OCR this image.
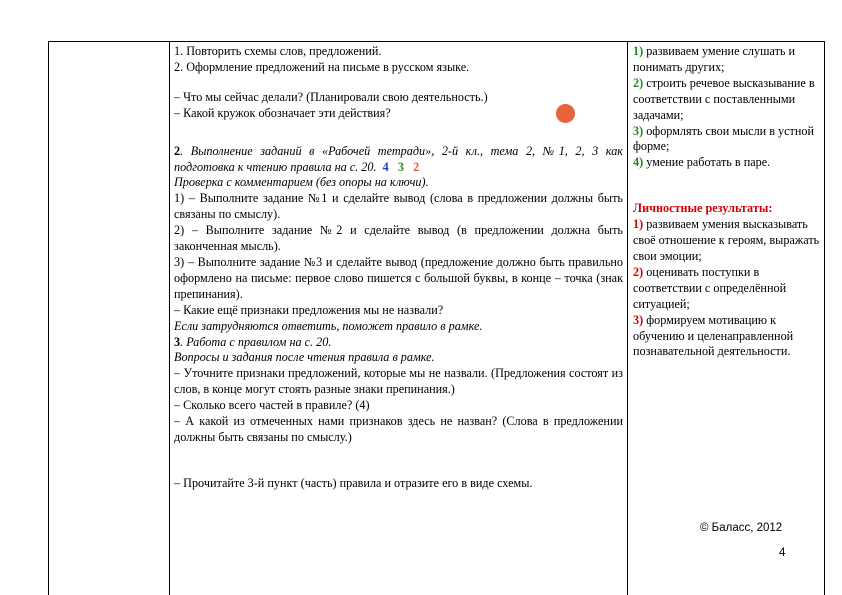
1. Повторить схемы слов, предложений.

2. Оформление предложений на письме в русском языке.

– Что мы сейчас делали? (Планировали свою деятельность.)

– Какой кружок обозначает эти действия?

2. Выполнение заданий в «Рабочей тетради», 2-й кл., тема 2, №1, 2, 3 как подготовка к чтению правила на с. 20. 4 3 2

Проверка с комментарием (без опоры на ключи).

1) – Выполните задание №1 и сделайте вывод (слова в предложении должны быть связаны по смыслу).

2) – Выполните задание №2 и сделайте вывод (в предложении должна быть законченная мысль).

3) – Выполните задание №3 и сделайте вывод (предложение должно быть правильно оформлено на письме: первое слово пишется с большой буквы, в конце – точка (знак препинания).

– Какие ещё признаки предложения мы не назвали?

Если затрудняются ответить, поможет правило в рамке.

3. Работа с правилом на с. 20.

Вопросы и задания после чтения правила в рамке.

– Уточните признаки предложений, которые мы не назвали. (Предложения состоят из слов, в конце могут стоять разные знаки препинания.)

– Сколько всего частей в правиле? (4)

– А какой из отмеченных нами признаков здесь не назван? (Слова в предложении должны быть связаны по смыслу.)

– Прочитайте 3-й пункт (часть) правила и отразите его в виде схемы.

1) развиваем умение слушать и понимать других;

2) строить речевое высказывание в соответствии с поставленными задачами;

3) оформлять свои мысли в устной форме;

4) умение работать в паре.

Личностные результаты:

1) развиваем умения высказывать своё отношение к героям, выражать свои эмоции;

2) оценивать поступки в соответствии с определённой ситуацией;

3) формируем мотивацию к обучению и целенаправленной познавательной деятельности.

© Баласс, 2012
4
